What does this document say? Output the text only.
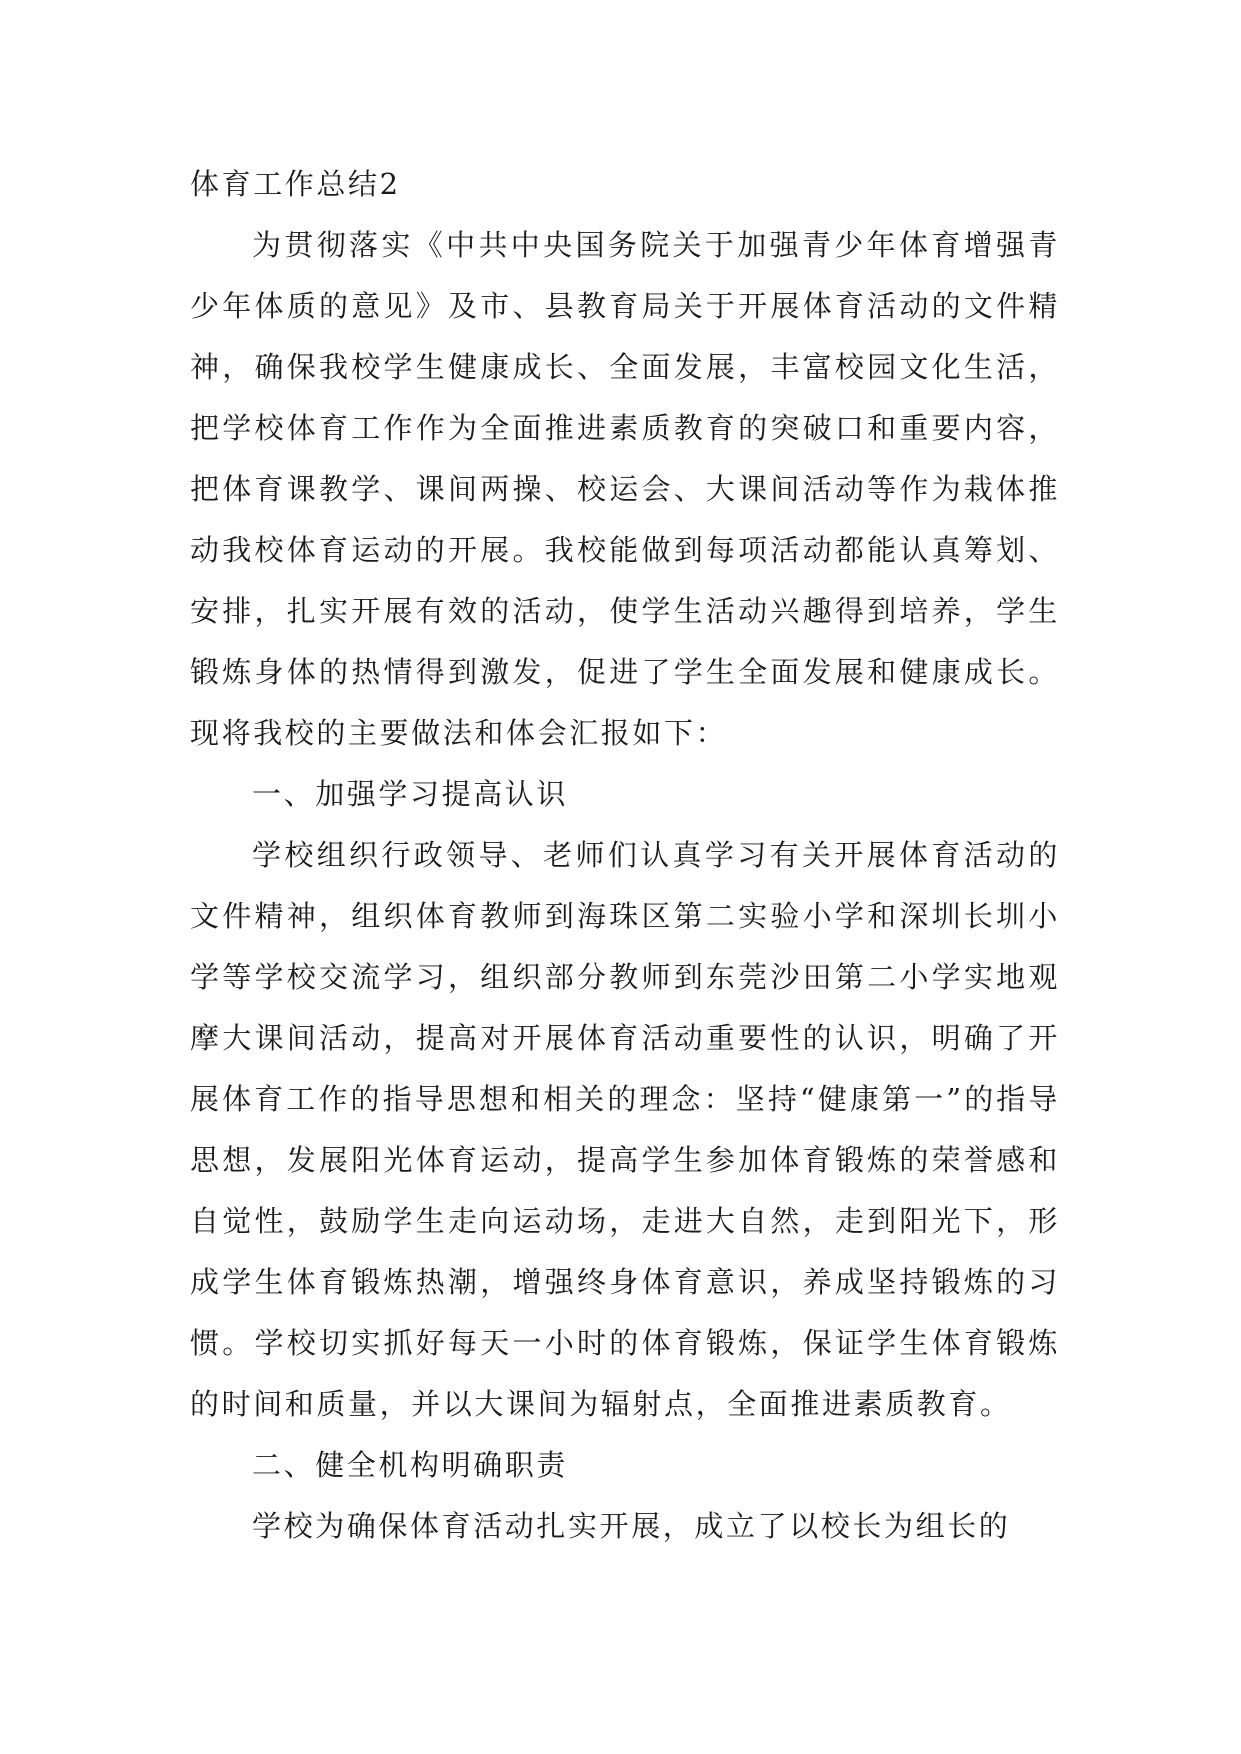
体育工作总结2

为贯彻落实《中共中央国务院关于加强青少年体育增强青少年体质的意见》及市、县教育局关于开展体育活动的文件精神，确保我校学生健康成长、全面发展，丰富校园文化生活，把学校体育工作作为全面推进素质教育的突破口和重要内容，把体育课教学、课间两操、校运会、大课间活动等作为栽体推动我校体育运动的开展。我校能做到每项活动都能认真筹划、安排，扎实开展有效的活动，使学生活动兴趣得到培养，学生锻炼身体的热情得到激发，促进了学生全面发展和健康成长。现将我校的主要做法和体会汇报如下：

一、加强学习提高认识

学校组织行政领导、老师们认真学习有关开展体育活动的文件精神，组织体育教师到海珠区第二实验小学和深圳长圳小学等学校交流学习，组织部分教师到东莞沙田第二小学实地观摩大课间活动，提高对开展体育活动重要性的认识，明确了开展体育工作的指导思想和相关的理念：坚持“健康第一”的指导思想，发展阳光体育运动，提高学生参加体育锻炼的荣誉感和自觉性，鼓励学生走向运动场，走进大自然，走到阳光下，形成学生体育锻炼热潮，增强终身体育意识，养成坚持锻炼的习惯。学校切实抓好每天一小时的体育锻炼，保证学生体育锻炼的时间和质量，并以大课间为辐射点，全面推进素质教育。

二、健全机构明确职责

学校为确保体育活动扎实开展，成立了以校长为组长的
